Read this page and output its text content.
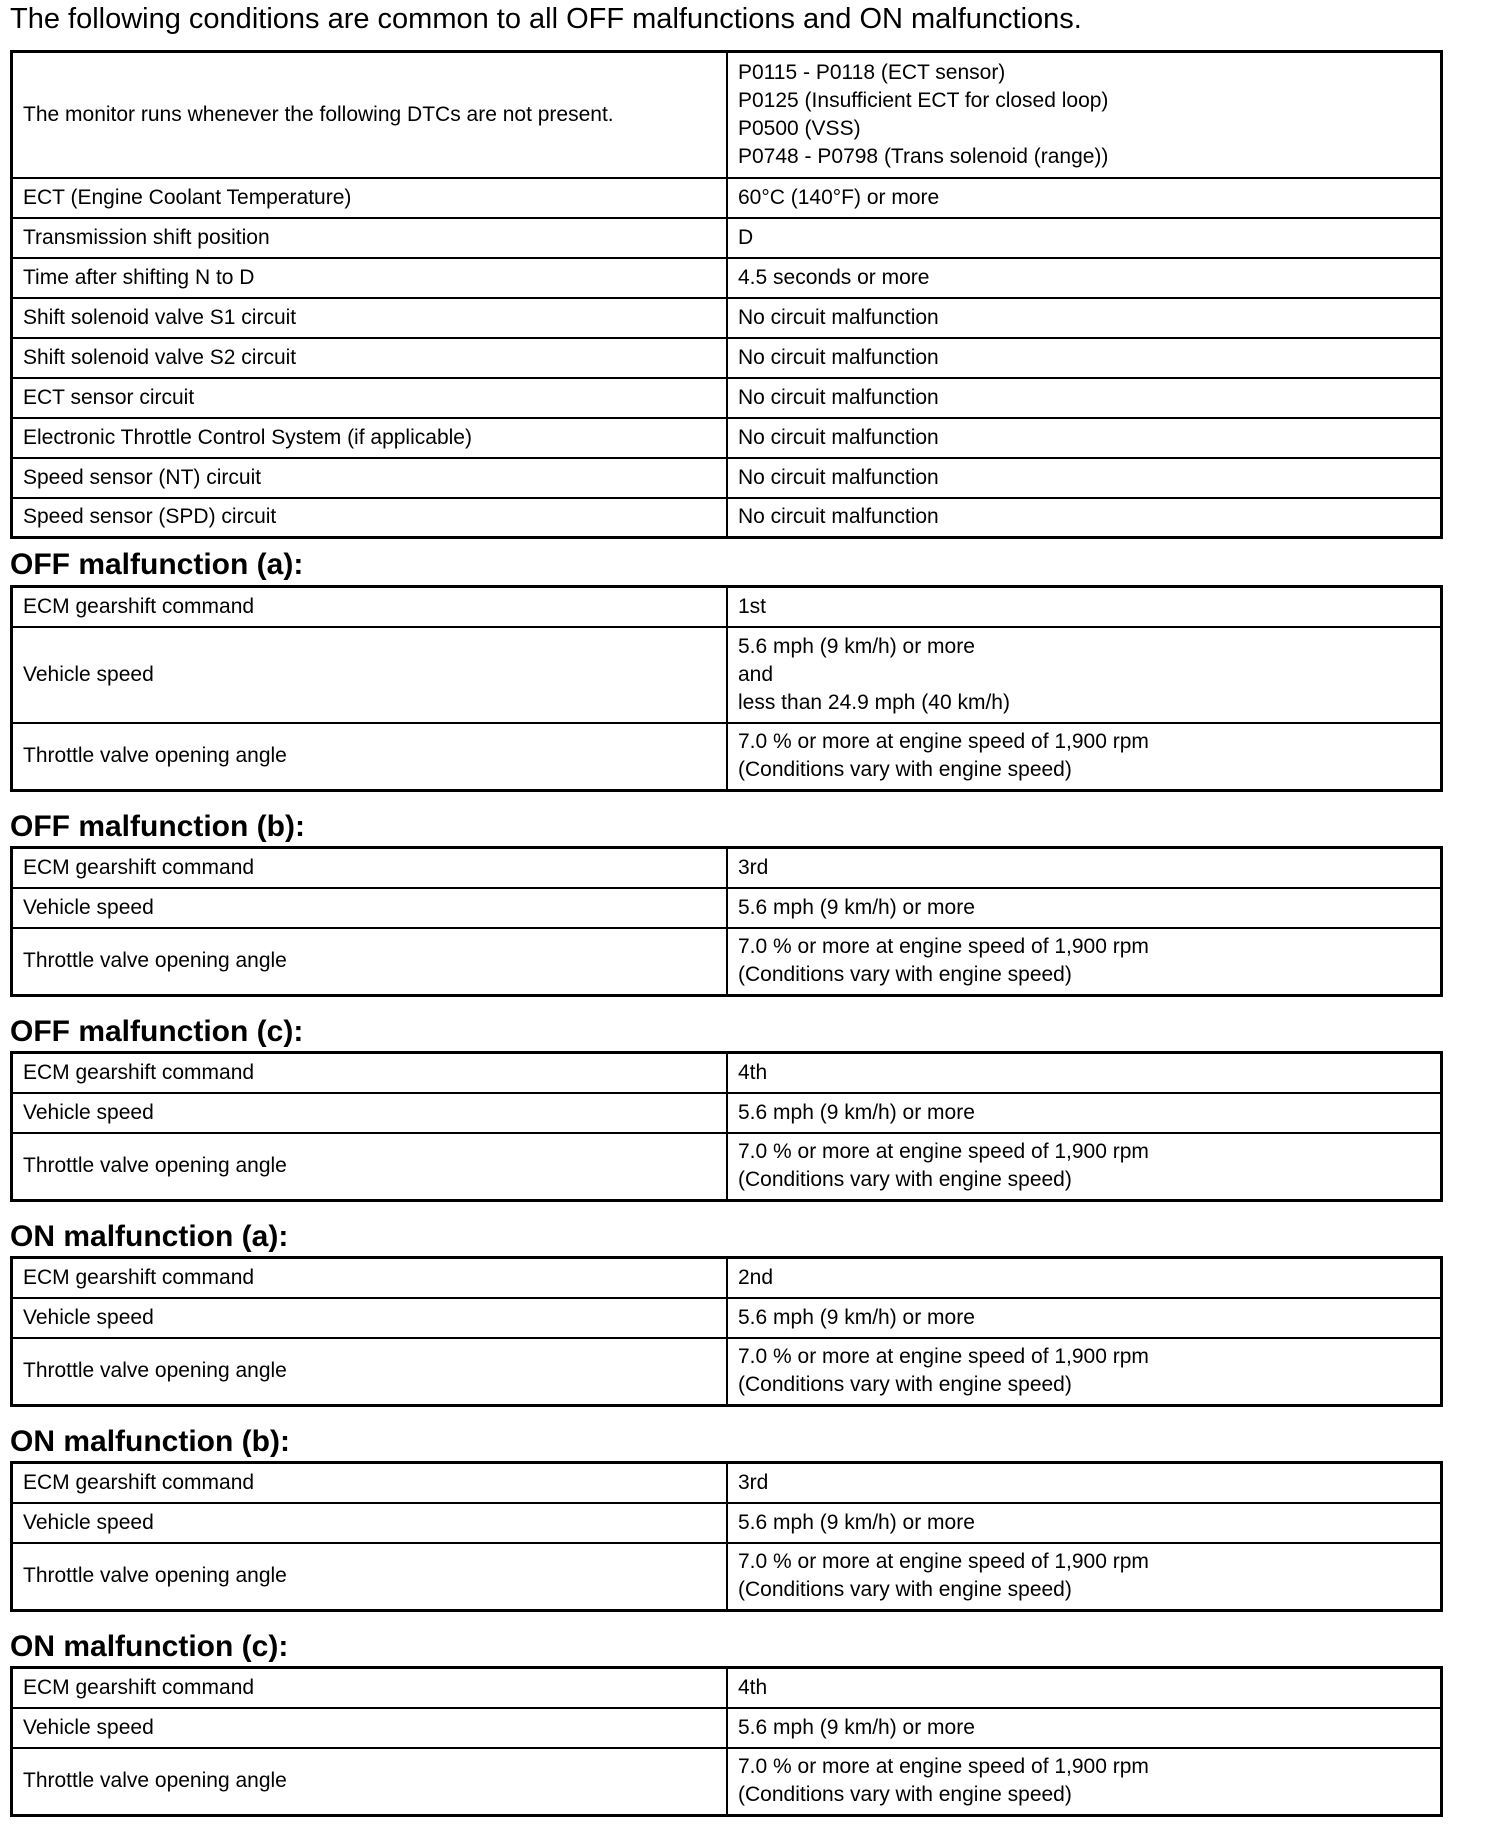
The following conditions are common to all OFF malfunctions and ON malfunctions.
The monitor runs whenever the following DTCs are not present.	P0115 - P0118 (ECT sensor)
P0125 (Insufficient ECT for closed loop)
P0500 (VSS)
P0748 - P0798 (Trans solenoid (range))

ECT (Engine Coolant Temperature)	60°C (140°F) or more
Transmission shift position	D
Time after shifting N to D	4.5 seconds or more
Shift solenoid valve S1 circuit	No circuit malfunction
Shift solenoid valve S2 circuit	No circuit malfunction
ECT sensor circuit	No circuit malfunction
Electronic Throttle Control System (if applicable)	No circuit malfunction
Speed sensor (NT) circuit	No circuit malfunction
Speed sensor (SPD) circuit	No circuit malfunction
OFF malfunction (a):
ECM gearshift command	1st
Vehicle speed	5.6 mph (9 km/h) or more
and
less than 24.9 mph (40 km/h)

Throttle valve opening angle	7.0 % or more at engine speed of 1,900 rpm
(Conditions vary with engine speed)
OFF malfunction (b):
ECM gearshift command	3rd
Vehicle speed	5.6 mph (9 km/h) or more
Throttle valve opening angle	7.0 % or more at engine speed of 1,900 rpm
(Conditions vary with engine speed)
OFF malfunction (c):
ECM gearshift command	4th
Vehicle speed	5.6 mph (9 km/h) or more
Throttle valve opening angle	7.0 % or more at engine speed of 1,900 rpm
(Conditions vary with engine speed)
ON malfunction (a):
ECM gearshift command	2nd
Vehicle speed	5.6 mph (9 km/h) or more
Throttle valve opening angle	7.0 % or more at engine speed of 1,900 rpm
(Conditions vary with engine speed)
ON malfunction (b):
ECM gearshift command	3rd
Vehicle speed	5.6 mph (9 km/h) or more
Throttle valve opening angle	7.0 % or more at engine speed of 1,900 rpm
(Conditions vary with engine speed)
ON malfunction (c):
ECM gearshift command	4th
Vehicle speed	5.6 mph (9 km/h) or more
Throttle valve opening angle	7.0 % or more at engine speed of 1,900 rpm
(Conditions vary with engine speed)
